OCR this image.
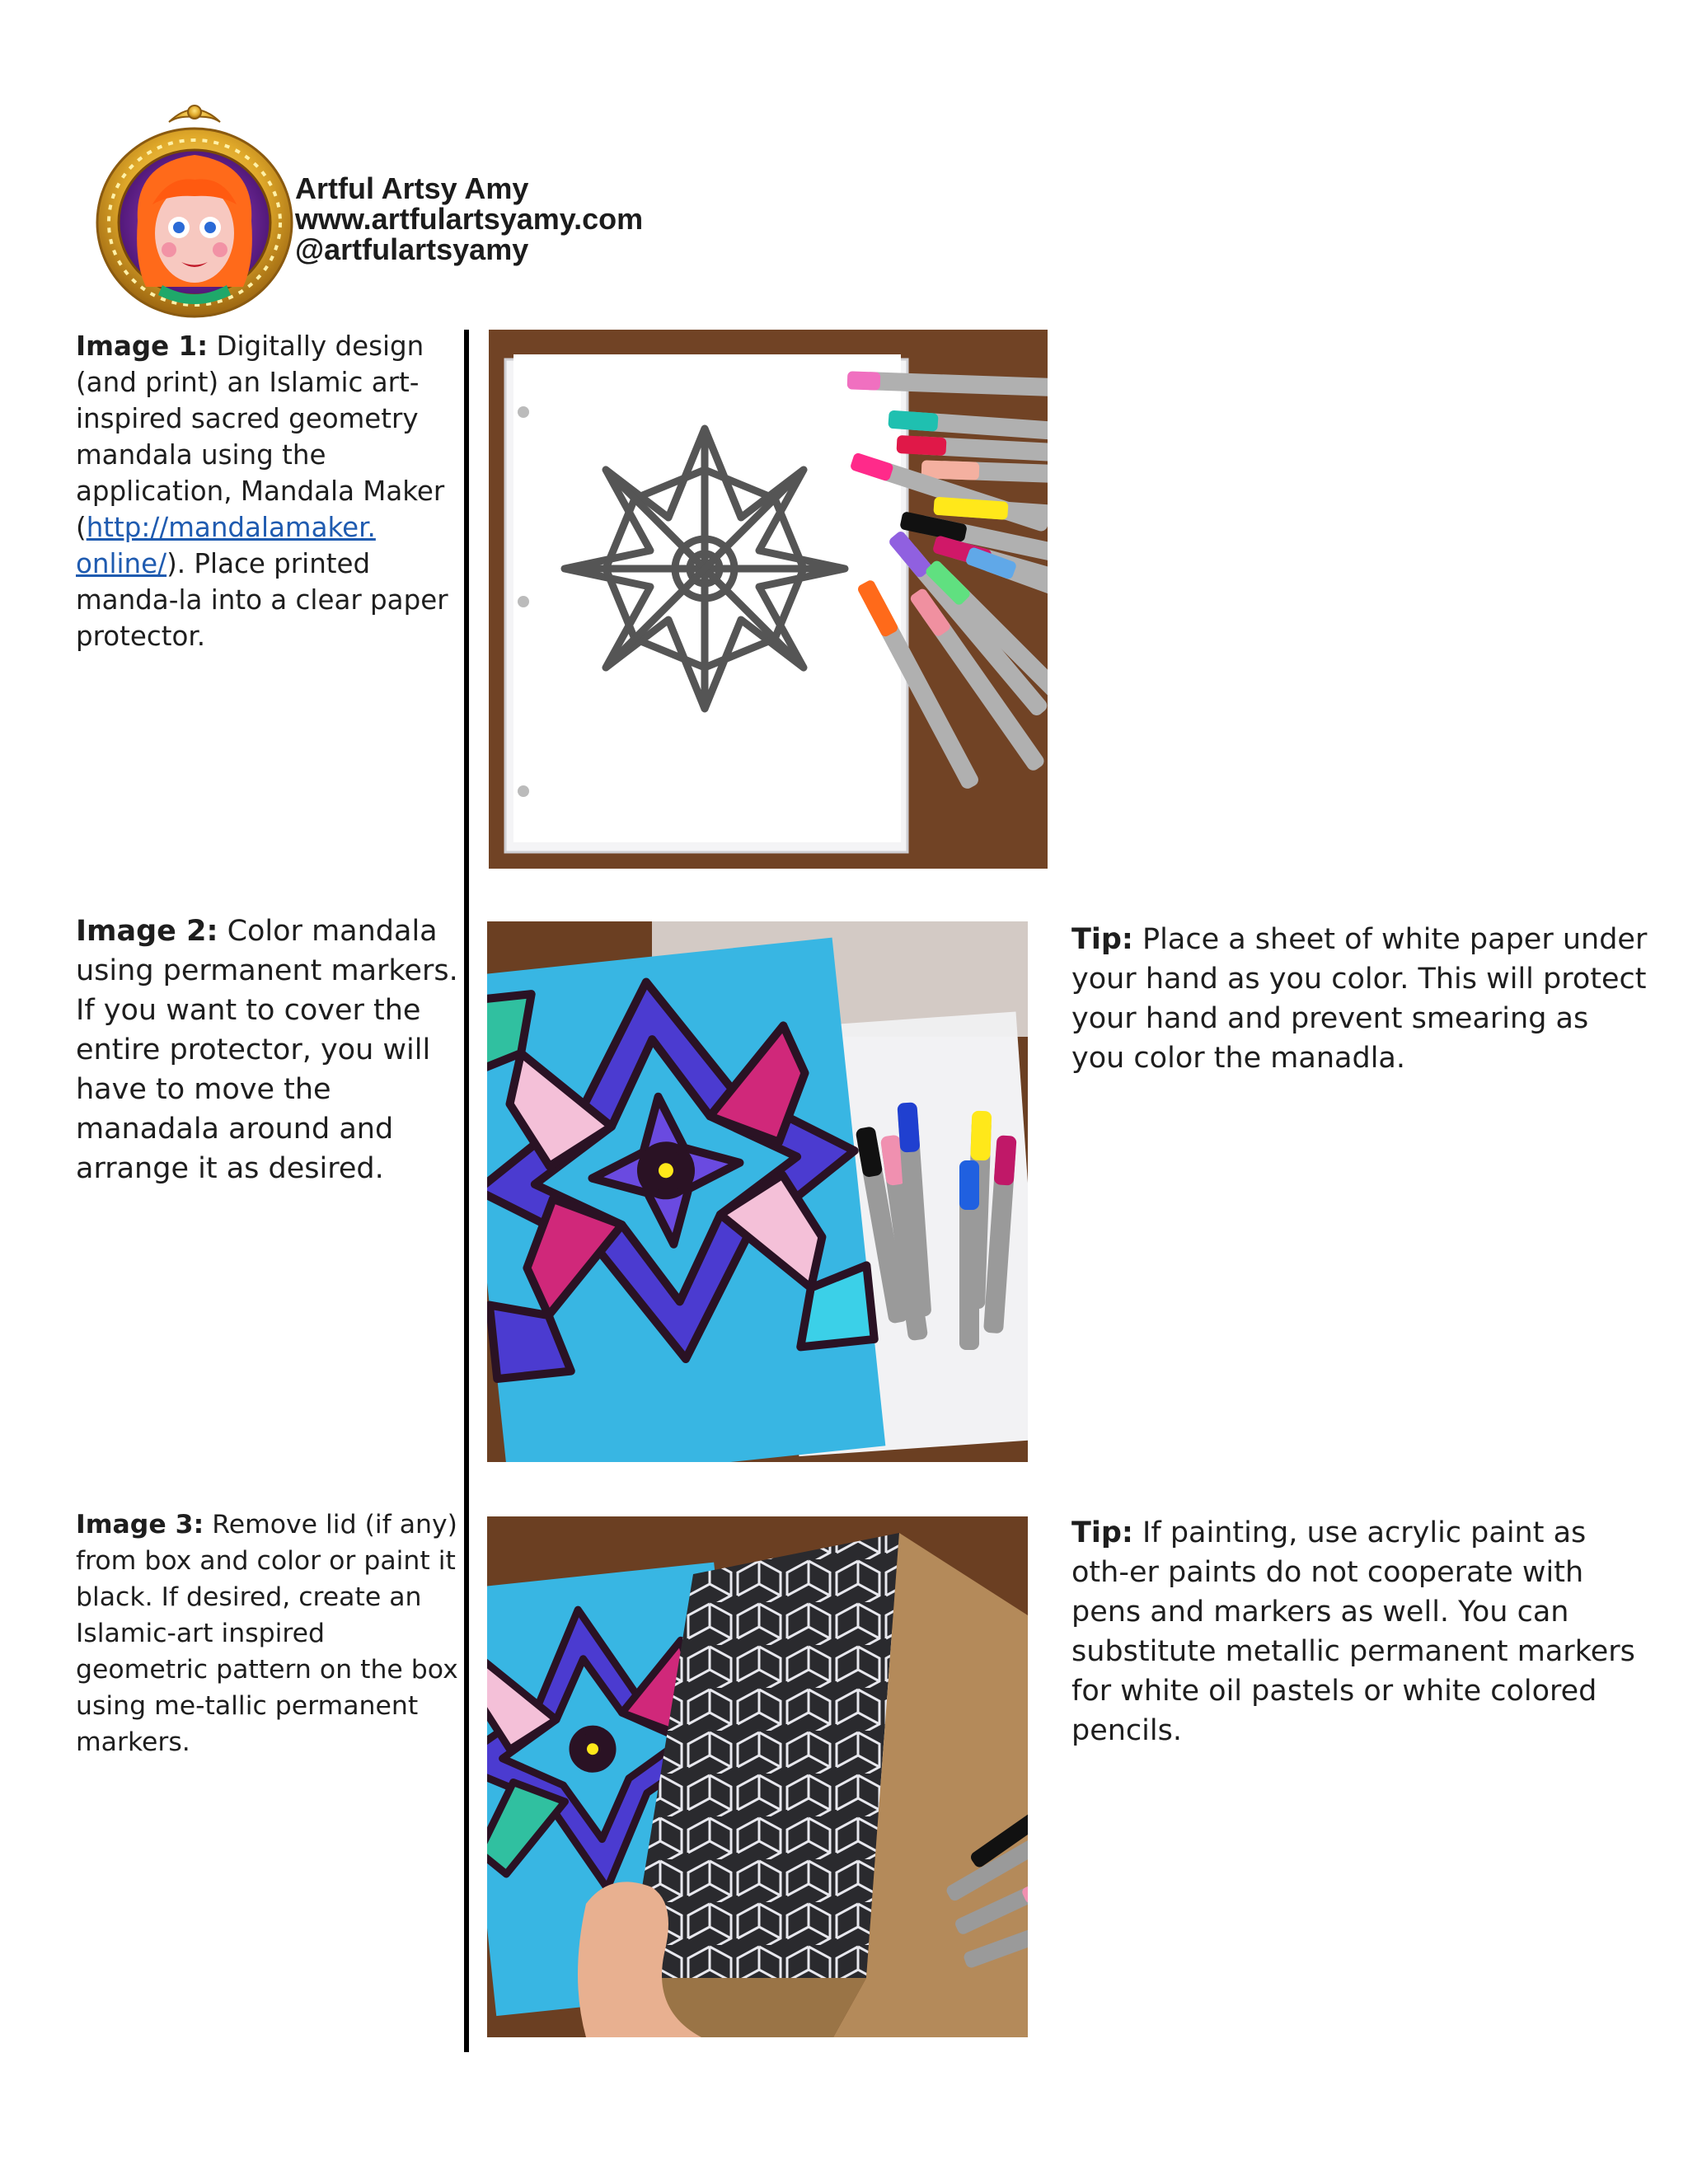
Artful Artsy Amy
www.artfulartsyamy.com
@artfulartsyamy
Image 1: Digitally design (and print) an Islamic art-inspired sacred geometry mandala using the application, Mandala Maker (http://mandalamaker. online/). Place printed manda-la into a clear paper protector.
Image 2: Color mandala using permanent markers. If you want to cover the entire protector, you will have to move the manadala around and arrange it as desired.
Image 3: Remove lid (if any) from box and color or paint it black. If desired, create an Islamic-art inspired geometric pattern on the box using me-tallic permanent markers.
Tip: Place a sheet of white paper under your hand as you color. This will protect your hand and prevent smearing as you color the manadla.
Tip: If painting, use acrylic paint as oth-er paints do not cooperate with pens and markers as well. You can substitute metallic permanent markers for white oil pastels or white colored pencils.
